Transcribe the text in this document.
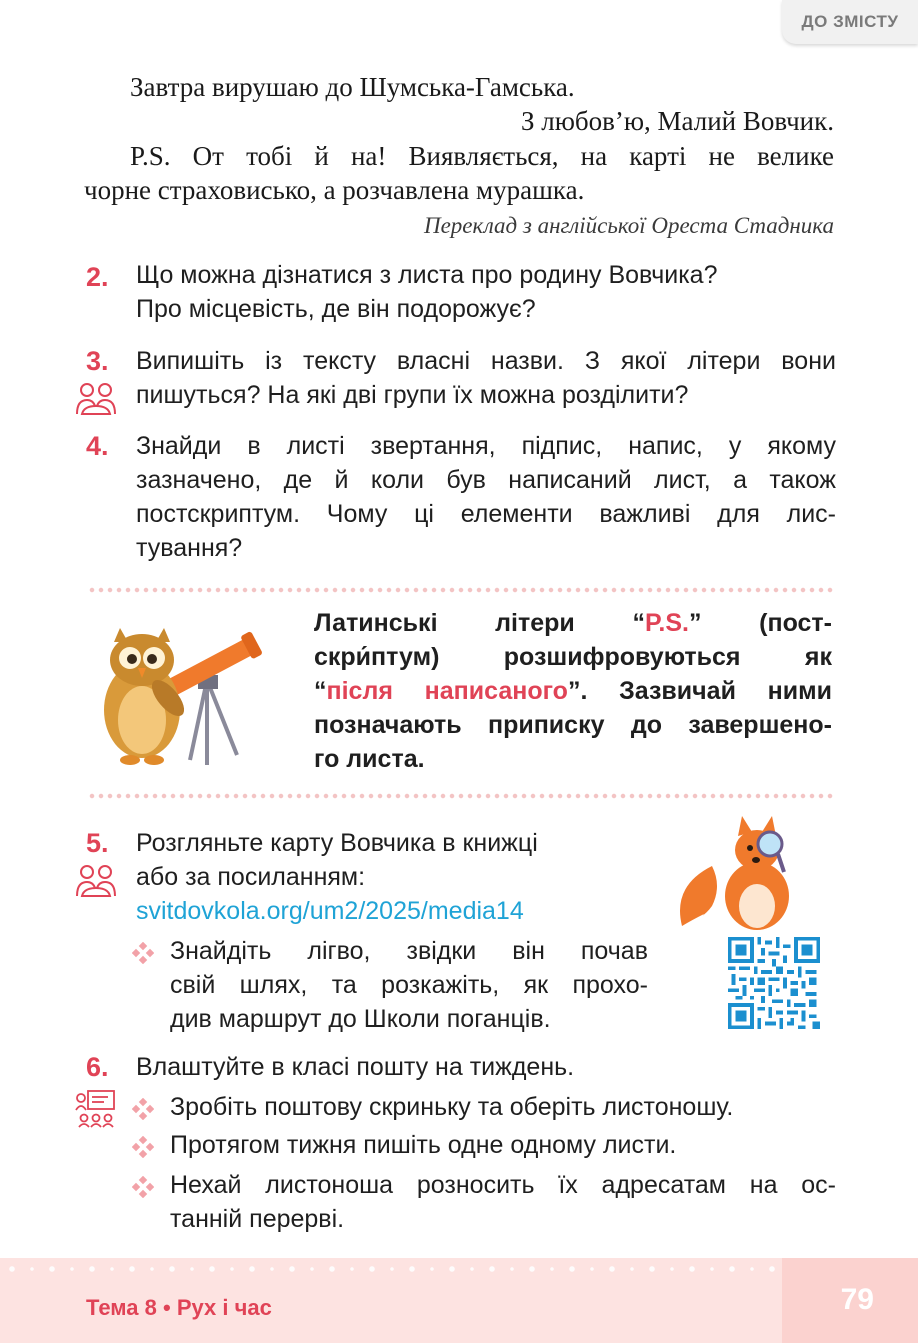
ДО ЗМІСТУ
Завтра вирушаю до Шумська-Гамська.
З любов’ю, Малий Вовчик.
P.S. От тобі й на! Виявляється, на карті не велике
чорне страховисько, а розчавлена мурашка.
Переклад з англійської Ореста Стадника
2. Що можна дізнатися з листа про родину Вовчика?
Про місцевість, де він подорожує?
3. Випишіть із тексту власні назви. З якої літери вони
пишуться? На які дві групи їх можна розділити?
4. Знайди в листі звертання, підпис, напис, у якому
зазначено, де й коли був написаний лист, а також
постскриптум. Чому ці елементи важливі для лис-
тування?
Латинські літери “P.S.” (пост-
скри́птум)	розшифровуються	як
“після написаного”. Зазвичай ними
позначають приписку до завершено-
го листа.
5. Розгляньте карту Вовчика в книжці
або за посиланням:
svitdovkola.org/um2/2025/media14
Знайдіть лігво, звідки він почав
свій шлях, та розкажіть, як прохо-
див маршрут до Школи поганців.
6. Влаштуйте в класі пошту на тиждень.
Зробіть поштову скриньку та оберіть листоношу.
Протягом тижня пишіть одне одному листи.
Нехай листоноша розносить їх адресатам на ос-
танній перерві.
Тема 8 • Рух і час	79
